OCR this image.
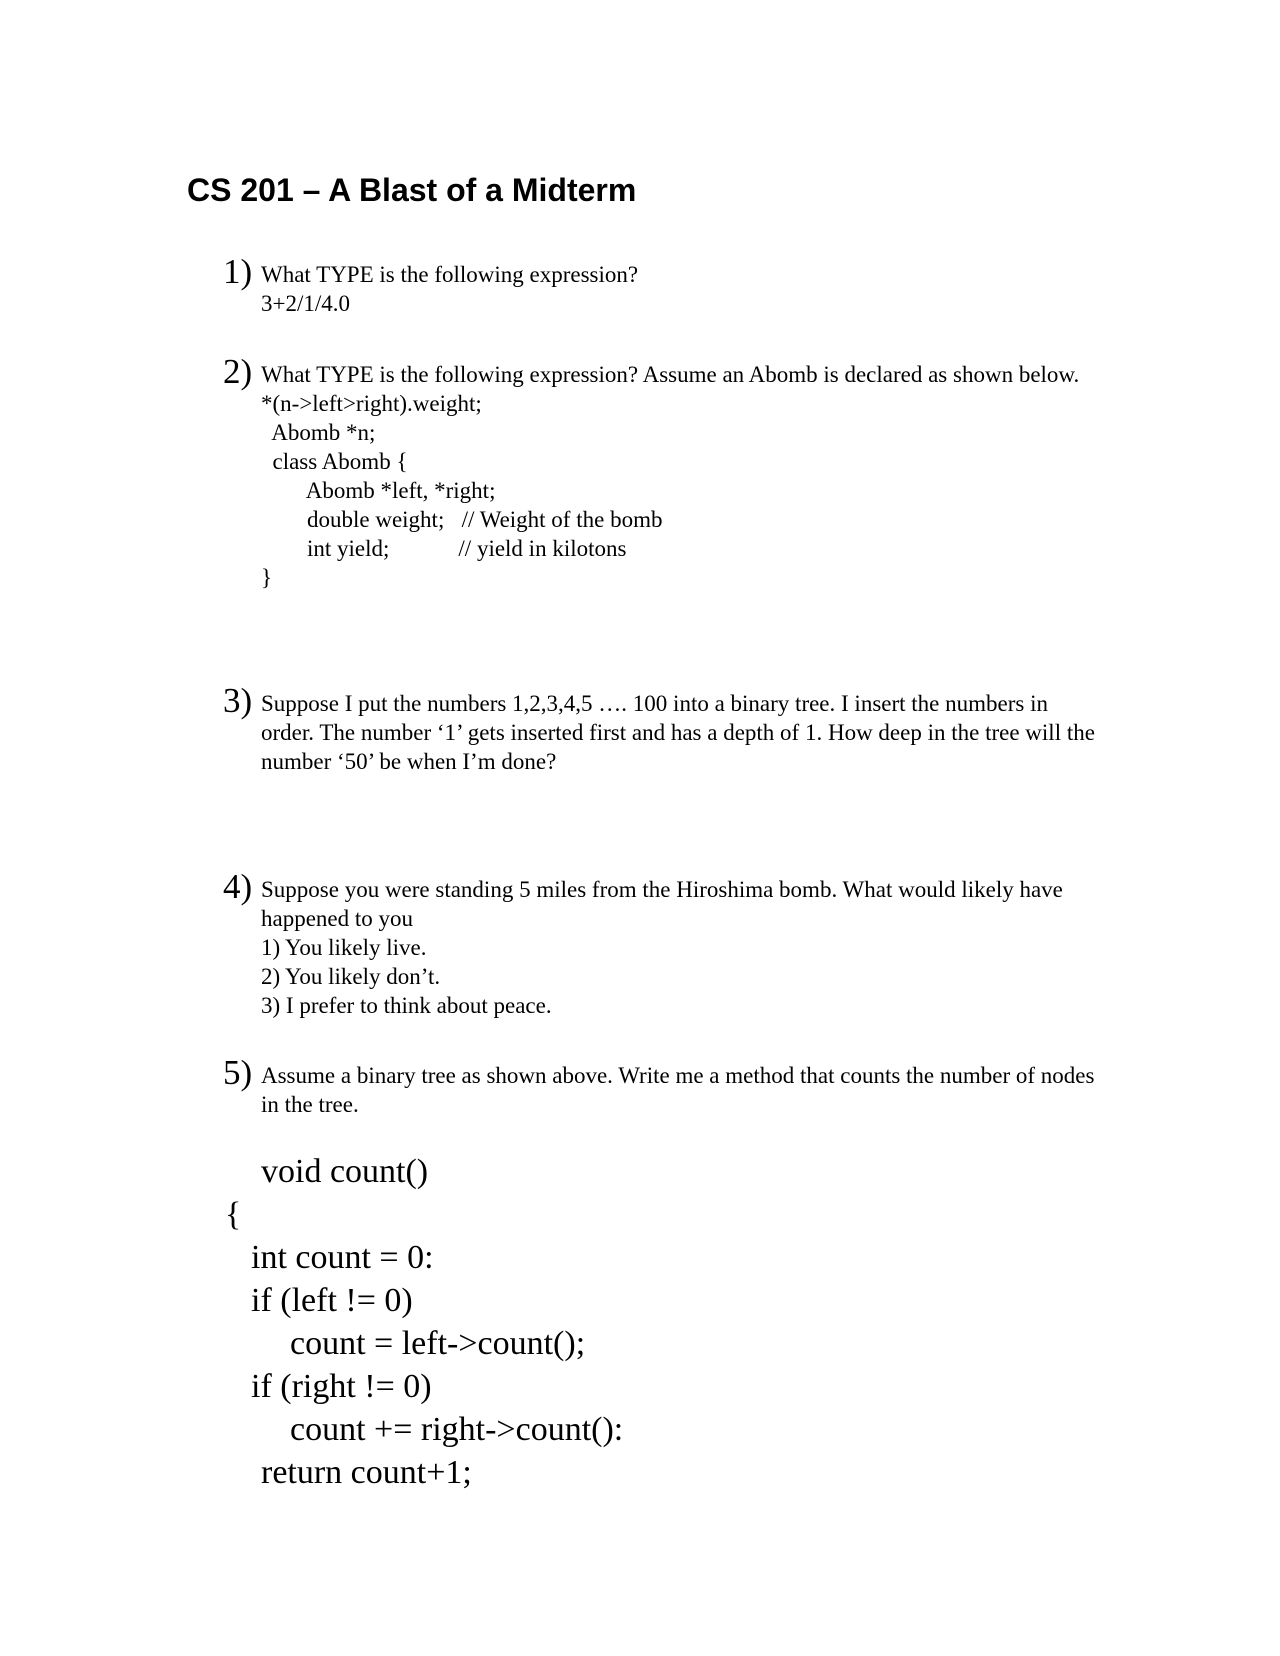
CS 201 – A Blast of a Midterm
1) What TYPE is the following expression?
3+2/1/4.0
2) What TYPE is the following expression? Assume an Abomb is declared as shown below.
*(n->left>right).weight;
Abomb *n;
class Abomb {
Abomb *left, *right;
double weight;   // Weight of the bomb
int yield;            // yield in kilotons
}
3) Suppose I put the numbers 1,2,3,4,5 …. 100 into a binary tree. I insert the numbers in order. The number ‘1’ gets inserted first and has a depth of 1. How deep in the tree will the number ‘50’ be when I’m done?
4) Suppose you were standing 5 miles from the Hiroshima bomb. What would likely have happened to you
1) You likely live.
2) You likely don’t.
3) I prefer to think about peace.
5) Assume a binary tree as shown above. Write me a method that counts the number of nodes in the tree.
void count()
{
int count = 0:
if (left != 0)
count = left->count();
if (right != 0)
count += right->count():
return count+1;
